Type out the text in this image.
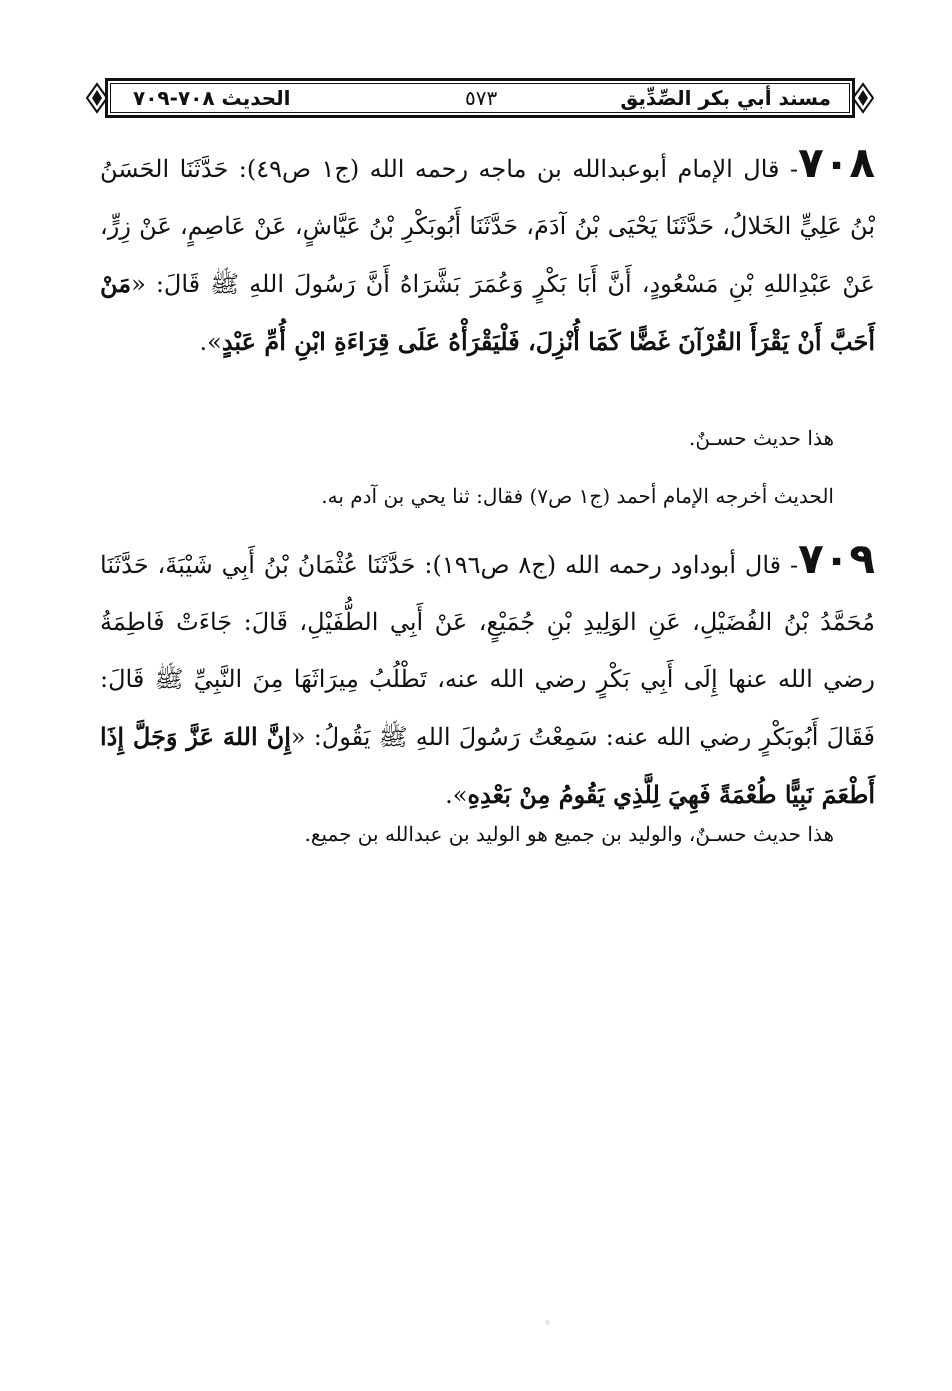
مسند أبي بكر الصِّدِّيق
٥٧٣
الحديث ٧٠٨-٧٠٩
٧٠٨- قال الإمام أبوعبدالله بن ماجه رحمه الله (ج١ ص٤٩): حَدَّثَنَا الحَسَنُ بْنُ عَلِيٍّ الخَلالُ، حَدَّثَنَا يَحْيَى بْنُ آدَمَ، حَدَّثَنَا أَبُوبَكْرِ بْنُ عَيَّاشٍ، عَنْ عَاصِمٍ، عَنْ زِرٍّ، عَنْ عَبْدِاللهِ بْنِ مَسْعُودٍ، أَنَّ أَبَا بَكْرٍ وَعُمَرَ بَشَّرَاهُ أَنَّ رَسُولَ اللهِ ﷺ قَالَ: «مَنْ أَحَبَّ أَنْ يَقْرَأَ القُرْآنَ غَضًّا كَمَا أُنْزِلَ، فَلْيَقْرَأْهُ عَلَى قِرَاءَةِ ابْنِ أُمِّ عَبْدٍ».
هذا حديث حسـنٌ.
الحديث أخرجه الإمام أحمد (ج١ ص٧) فقال: ثنا يحي بن آدم به.
٧٠٩- قال أبوداود رحمه الله (ج٨ ص١٩٦): حَدَّثَنَا عُثْمَانُ بْنُ أَبِي شَيْبَةَ، حَدَّثَنَا مُحَمَّدُ بْنُ الفُضَيْلِ، عَنِ الوَلِيدِ بْنِ جُمَيْعٍ، عَنْ أَبِي الطُّفَيْلِ، قَالَ: جَاءَتْ فَاطِمَةُ رضي الله عنها إِلَى أَبِي بَكْرٍ رضي الله عنه، تَطْلُبُ مِيرَاثَهَا مِنَ النَّبِيِّ ﷺ قَالَ: فَقَالَ أَبُوبَكْرٍ رضي الله عنه: سَمِعْتُ رَسُولَ اللهِ ﷺ يَقُولُ: «إِنَّ اللهَ عَزَّ وَجَلَّ إِذَا أَطْعَمَ نَبِيًّا طُعْمَةً فَهِيَ لِلَّذِي يَقُومُ مِنْ بَعْدِهِ».
هذا حديث حسـنٌ، والوليد بن جميع هو الوليد بن عبدالله بن جميع.
